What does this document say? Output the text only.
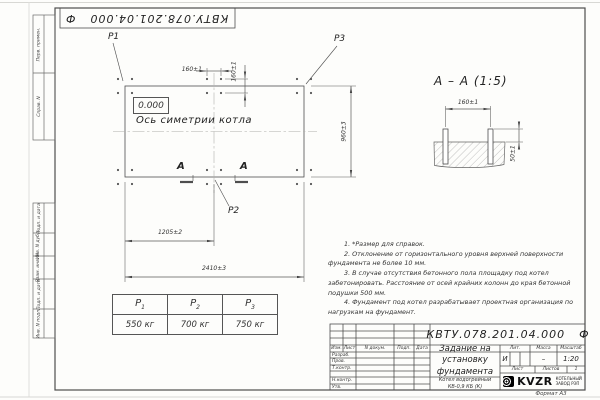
КВТУ.078.201.04.000
Ф
Перв. примен.
Справ. N
Подп. и дата
Инв. N дубл.
Взам. инв. N
Подп. и дата
Инв. N подл.
P1	P3
P2
0.000
Ось симетрии котла
А	А
160±1	160±1
960±3
1205±2
2410±3
А – А (1:5)
160±1
50±1

1. *Размер для справок.

2. Отклонение от горизонтального уровня верхней поверхности фундамента не более 10 мм.

3. В случае отсутствия бетонного пола площадку под котел забетонировать. Расстояние от осей крайних колонн до края бетонной подушки 500 мм.

4. Фундамент под котел разрабатывает проектная организация по нагрузкам на фундамент.

$P_1$	$P_2$	$P_3$
550 кг	700 кг	750 кг
КВТУ.078.201.04.000 Ф
Изм. Лист	N докум.	Подп.	Дата
Разраб.
Пров.
Т.контр.
Н.контр.
Утв.
Задание на
установку
фундамента
Котел водогрейный
КВ-0,9 КБ (К)
Лит.	Масса	Масштаб
И	–	1:20
Лист	Листов	1
KVZR КОТЕЛЬНЫЙ
ЗАВОД РЭП
Формат А3
